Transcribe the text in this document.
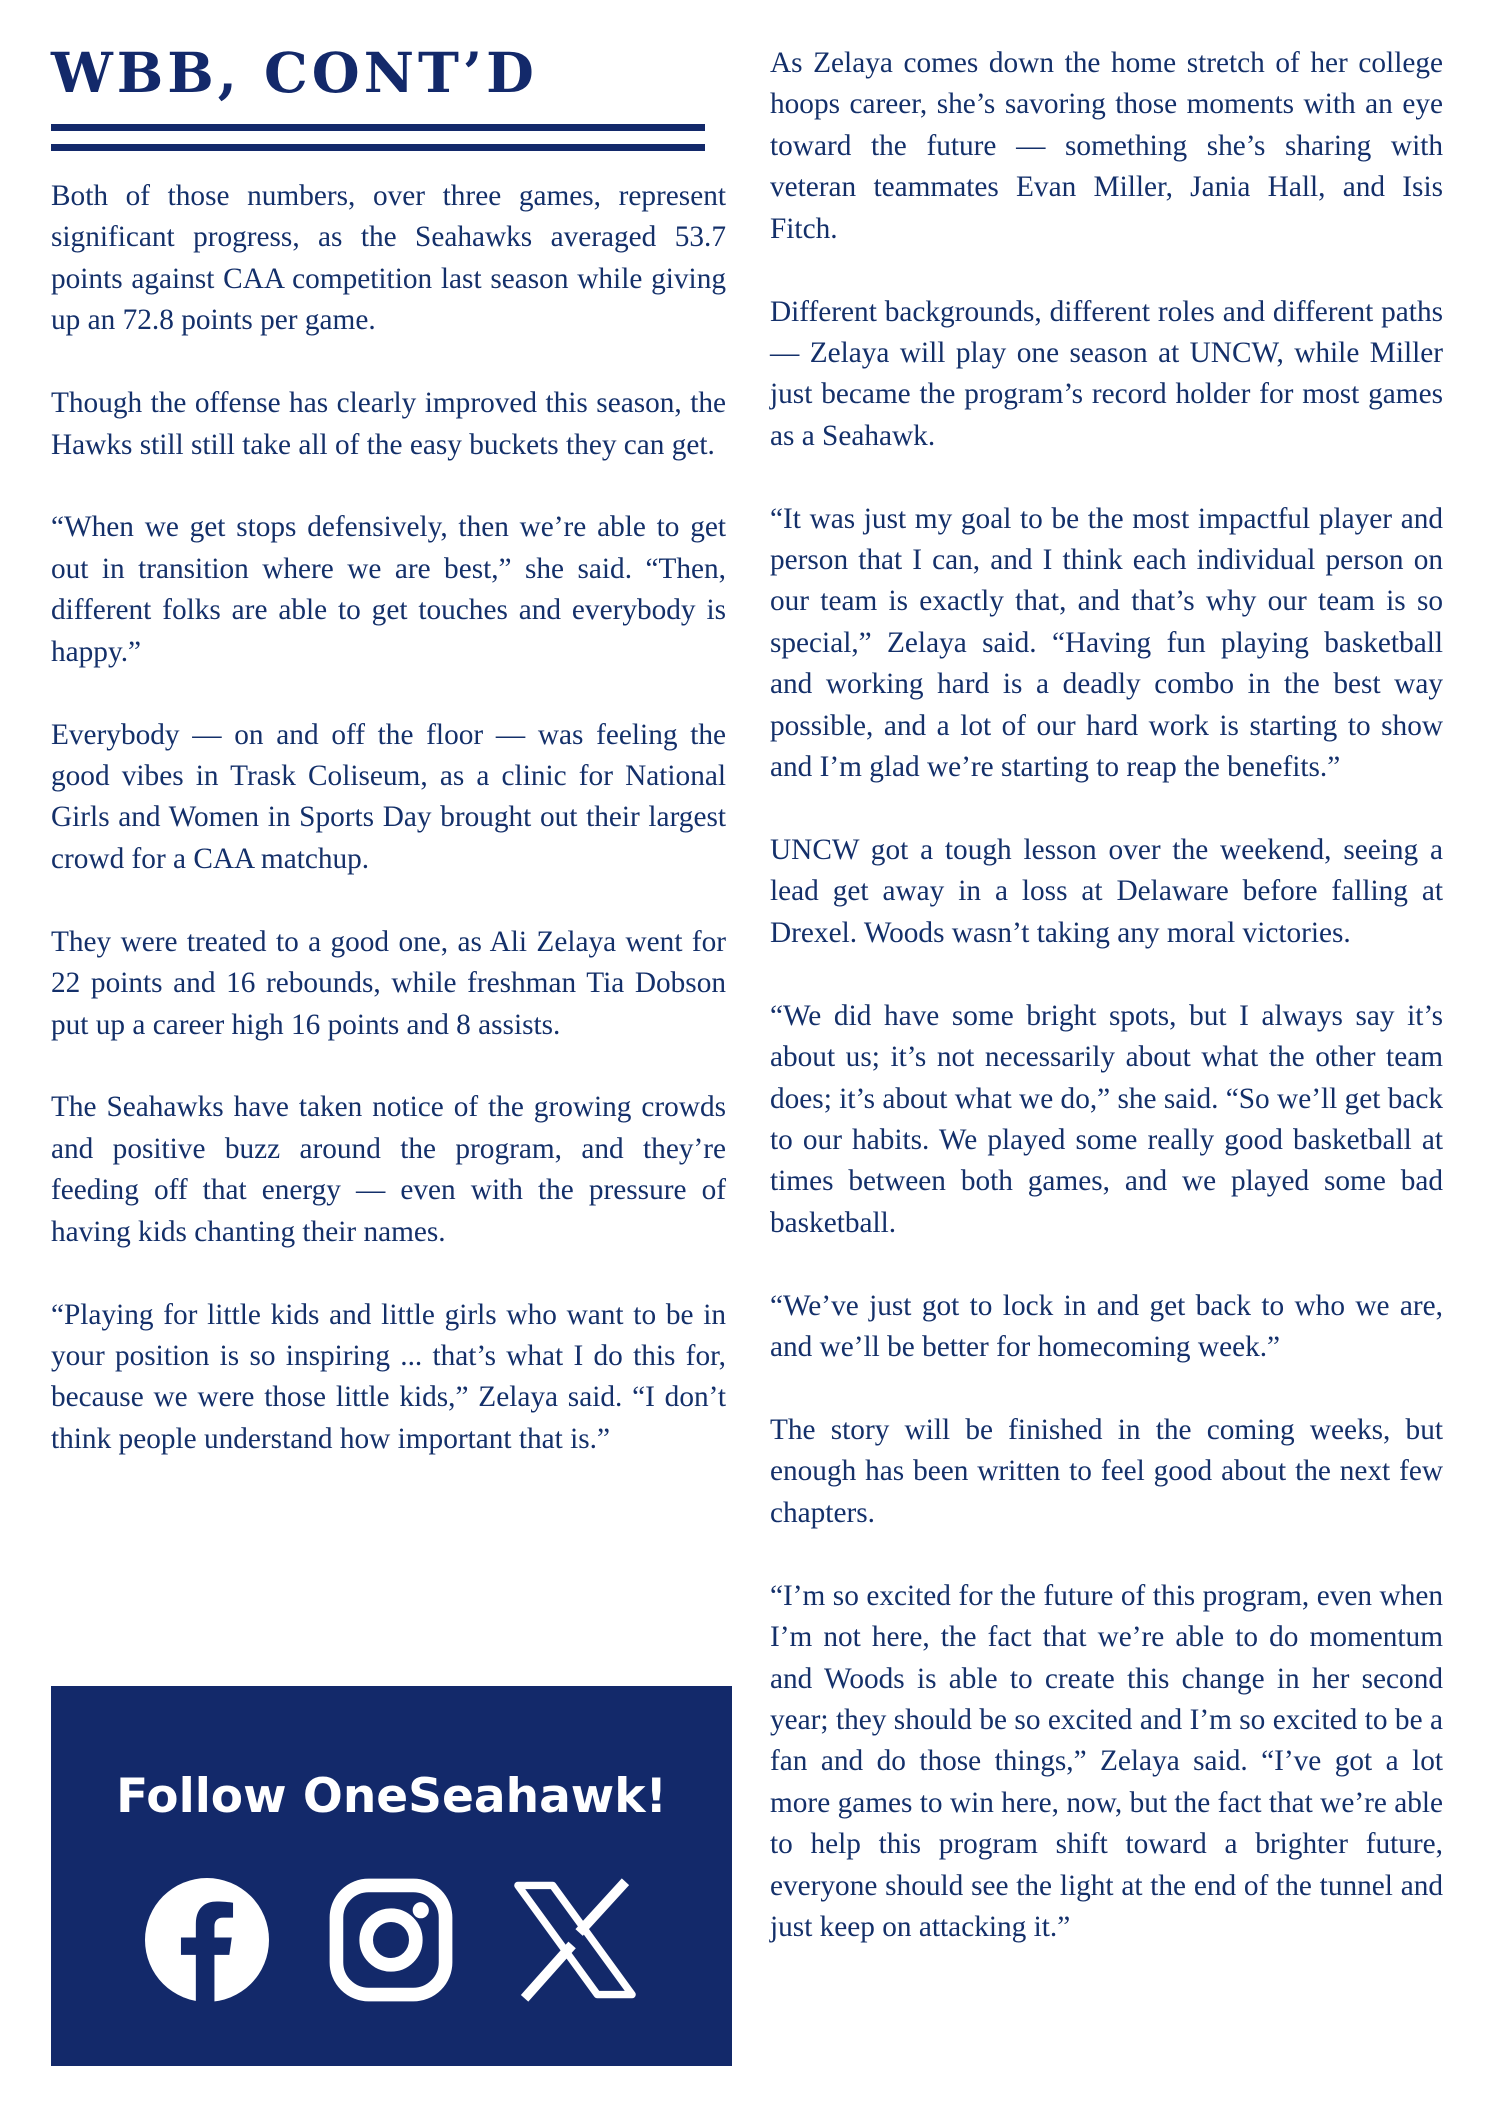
WBB, CONT’D

Both of those numbers, over three games, represent significant progress, as the Seahawks averaged 53.7 points against CAA competition last season while giving up an 72.8 points per game.

Though the offense has clearly improved this season, the Hawks still still take all of the easy buckets they can get.

“When we get stops defensively, then we’re able to get out in transition where we are best,” she said. “Then, different folks are able to get touches and everybody is happy.”

Everybody — on and off the floor — was feeling the good vibes in Trask Coliseum, as a clinic for National Girls and Women in Sports Day brought out their largest crowd for a CAA matchup.

They were treated to a good one, as Ali Zelaya went for 22 points and 16 rebounds, while freshman Tia Dobson put up a career high 16 points and 8 assists.

The Seahawks have taken notice of the growing crowds and positive buzz around the program, and they’re feeding off that energy — even with the pressure of having kids chanting their names.

“Playing for little kids and little girls who want to be in your position is so inspiring ... that’s what I do this for, because we were those little kids,” Zelaya said. “I don’t think people understand how important that is.”

As Zelaya comes down the home stretch of her college hoops career, she’s savoring those moments with an eye toward the future — something she’s sharing with veteran teammates Evan Miller, Jania Hall, and Isis Fitch.

Different backgrounds, different roles and different paths — Zelaya will play one season at UNCW, while Miller just became the program’s record holder for most games as a Seahawk.

“It was just my goal to be the most impactful player and person that I can, and I think each individual person on our team is exactly that, and that’s why our team is so special,” Zelaya said. “Having fun playing basketball and working hard is a deadly combo in the best way possible, and a lot of our hard work is starting to show and I’m glad we’re starting to reap the benefits.”

UNCW got a tough lesson over the weekend, seeing a lead get away in a loss at Delaware before falling at Drexel. Woods wasn’t taking any moral victories.

“We did have some bright spots, but I always say it’s about us; it’s not necessarily about what the other team does; it’s about what we do,” she said. “So we’ll get back to our habits. We played some really good basketball at times between both games, and we played some bad basketball.

“We’ve just got to lock in and get back to who we are, and we’ll be better for homecoming week.”

The story will be finished in the coming weeks, but enough has been written to feel good about the next few chapters.

“I’m so excited for the future of this program, even when I’m not here, the fact that we’re able to do momentum and Woods is able to create this change in her second year; they should be so excited and I’m so excited to be a fan and do those things,” Zelaya said. “I’ve got a lot more games to win here, now, but the fact that we’re able to help this program shift toward a brighter future, everyone should see the light at the end of the tunnel and just keep on attacking it.”

Follow OneSeahawk!
